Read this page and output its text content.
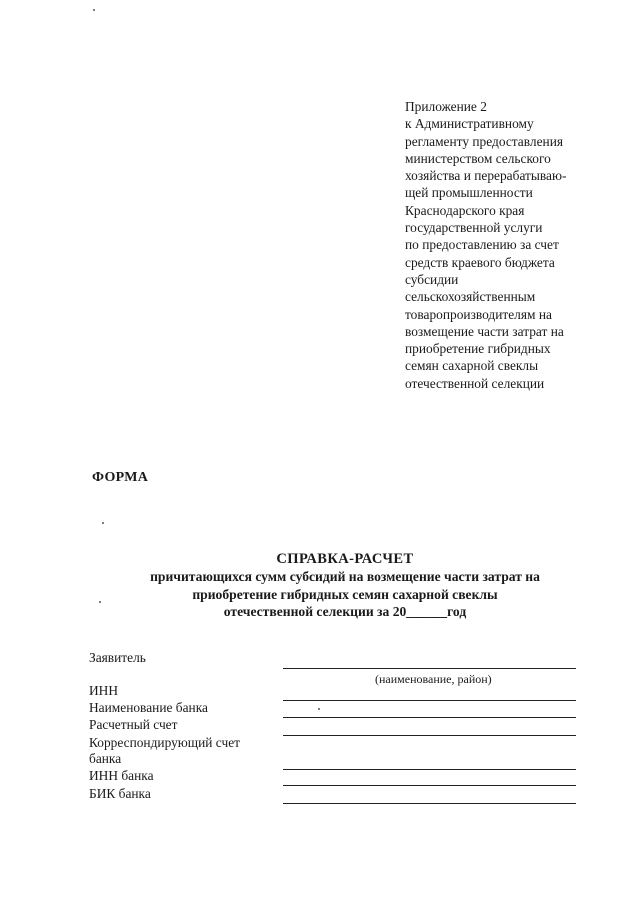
Приложение 2
к Административному
регламенту предоставления
министерством сельского
хозяйства и перерабатываю-
щей промышленности
Краснодарского края
государственной услуги
по предоставлению за счет
средств краевого бюджета
субсидии
сельскохозяйственным
товаропроизводителям на
возмещение части затрат на
приобретение гибридных
семян сахарной свеклы
отечественной селекции
ФОРМА
СПРАВКА-РАСЧЕТ
причитающихся сумм субсидий на возмещение части затрат на
приобретение гибридных семян сахарной свеклы
отечественной селекции за 20______год
Заявитель
(наименование, район)
ИНН
Наименование банка
Расчетный счет
Корреспондирующий счет
банка
ИНН банка
БИК банка
